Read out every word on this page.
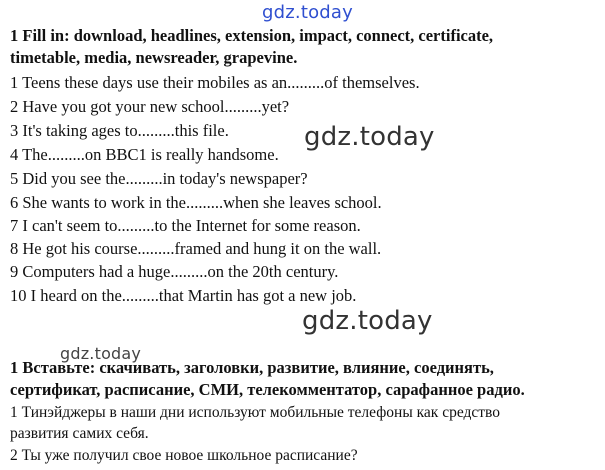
gdz.today
gdz.today
gdz.today
gdz.today
1 Fill in: download, headlines, extension, impact, connect, certificate,
timetable, media, newsreader, grapevine.
1 Teens these days use their mobiles as an.........of themselves.
2 Have you got your new school.........yet?
3 It's taking ages to.........this file.
4 The.........on BBC1 is really handsome.
5 Did you see the.........in today's newspaper?
6 She wants to work in the.........when she leaves school.
7 I can't seem to.........to the Internet for some reason.
8 He got his course.........framed and hung it on the wall.
9 Computers had a huge.........on the 20th century.
10 I heard on the.........that Martin has got a new job.
1 Вставьте: скачивать, заголовки, развитие, влияние, соединять,
сертификат, расписание, СМИ, телекомментатор, сарафанное радио.
1 Тинэйджеры в наши дни используют мобильные телефоны как средство
развития самих себя.
2 Ты уже получил свое новое школьное расписание?
